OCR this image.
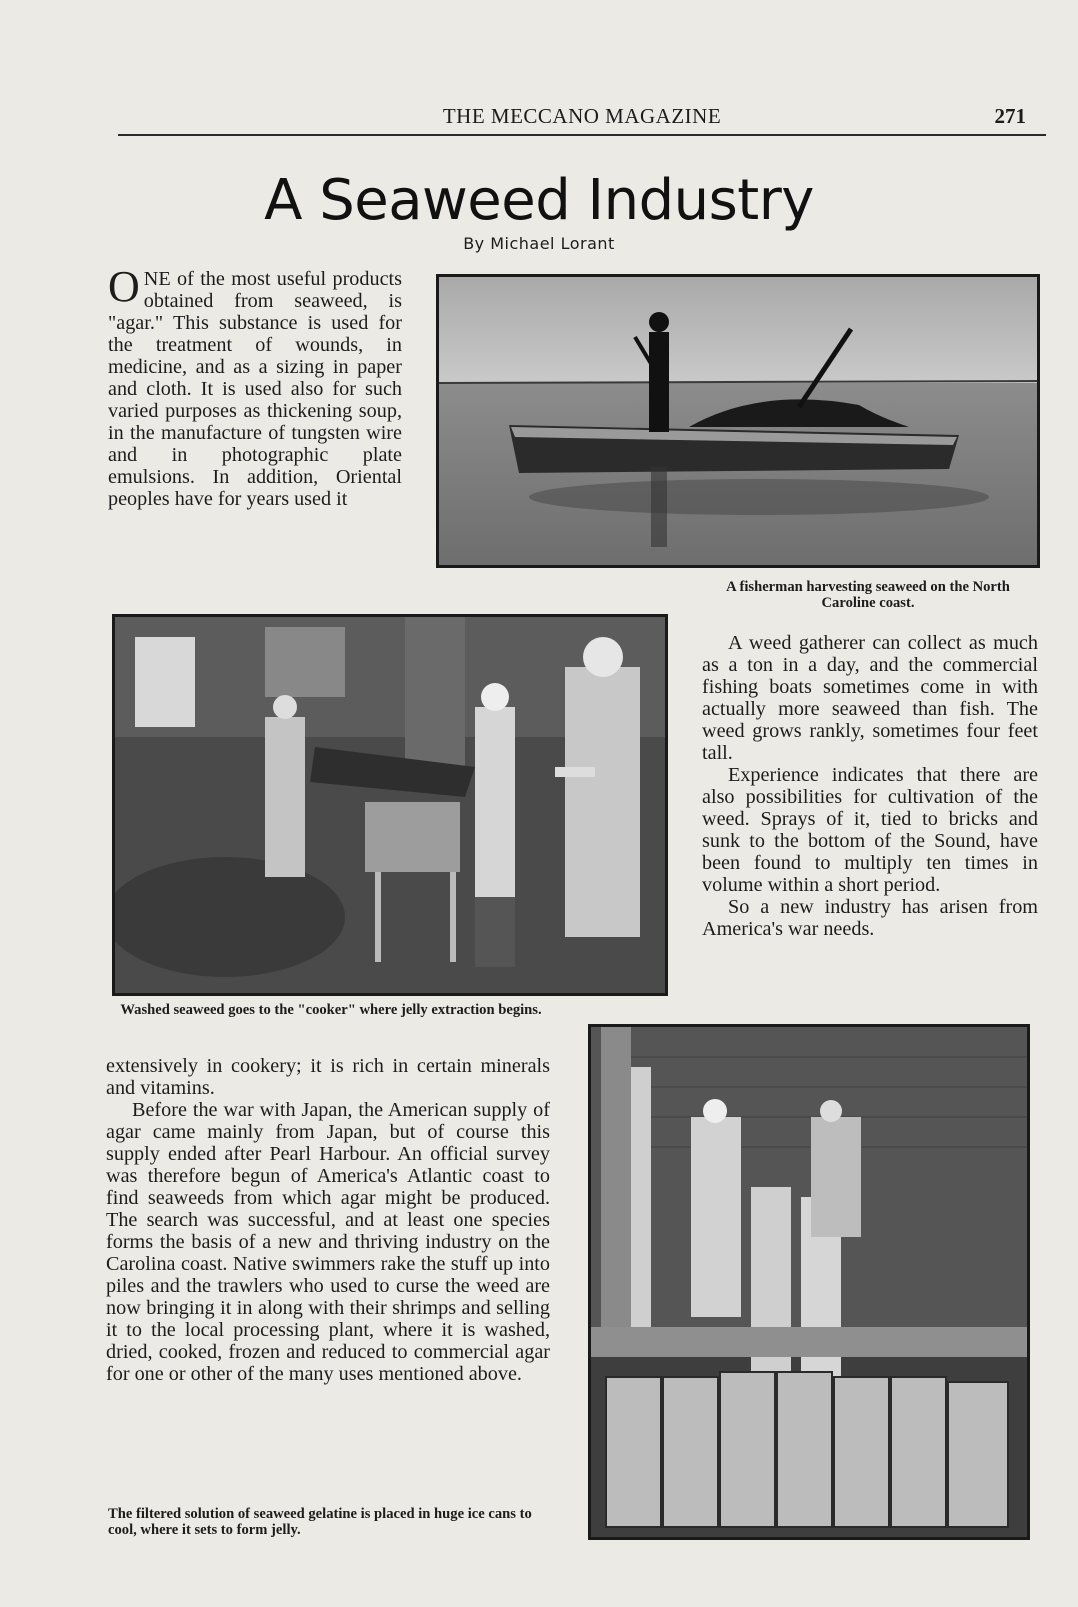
THE MECCANO MAGAZINE	271
A Seaweed Industry
By Michael Lorant

ONE of the most useful products obtained from seaweed, is "agar." This substance is used for the treatment of wounds, in medicine, and as a sizing in paper and cloth. It is used also for such varied purposes as thickening soup, in the manufacture of tungsten wire and in photographic plate emulsions. In addition, Oriental peoples have for years used it

A fisherman harvesting seaweed on the North Caroline coast.
Washed seaweed goes to the "cooker" where jelly extraction begins.

A weed gatherer can collect as much as a ton in a day, and the commercial fishing boats sometimes come in with actually more seaweed than fish. The weed grows rankly, sometimes four feet tall.

Experience indicates that there are also possibilities for cultivation of the weed. Sprays of it, tied to bricks and sunk to the bottom of the Sound, have been found to multiply ten times in volume within a short period.

So a new industry has arisen from America's war needs.

extensively in cookery; it is rich in certain minerals and vitamins.

Before the war with Japan, the American supply of agar came mainly from Japan, but of course this supply ended after Pearl Harbour. An official survey was therefore begun of America's Atlantic coast to find seaweeds from which agar might be produced. The search was successful, and at least one species forms the basis of a new and thriving industry on the Carolina coast. Native swimmers rake the stuff up into piles and the trawlers who used to curse the weed are now bringing it in along with their shrimps and selling it to the local processing plant, where it is washed, dried, cooked, frozen and reduced to commercial agar for one or other of the many uses mentioned above.

The filtered solution of seaweed gelatine is placed in huge ice cans to cool, where it sets to form jelly.
